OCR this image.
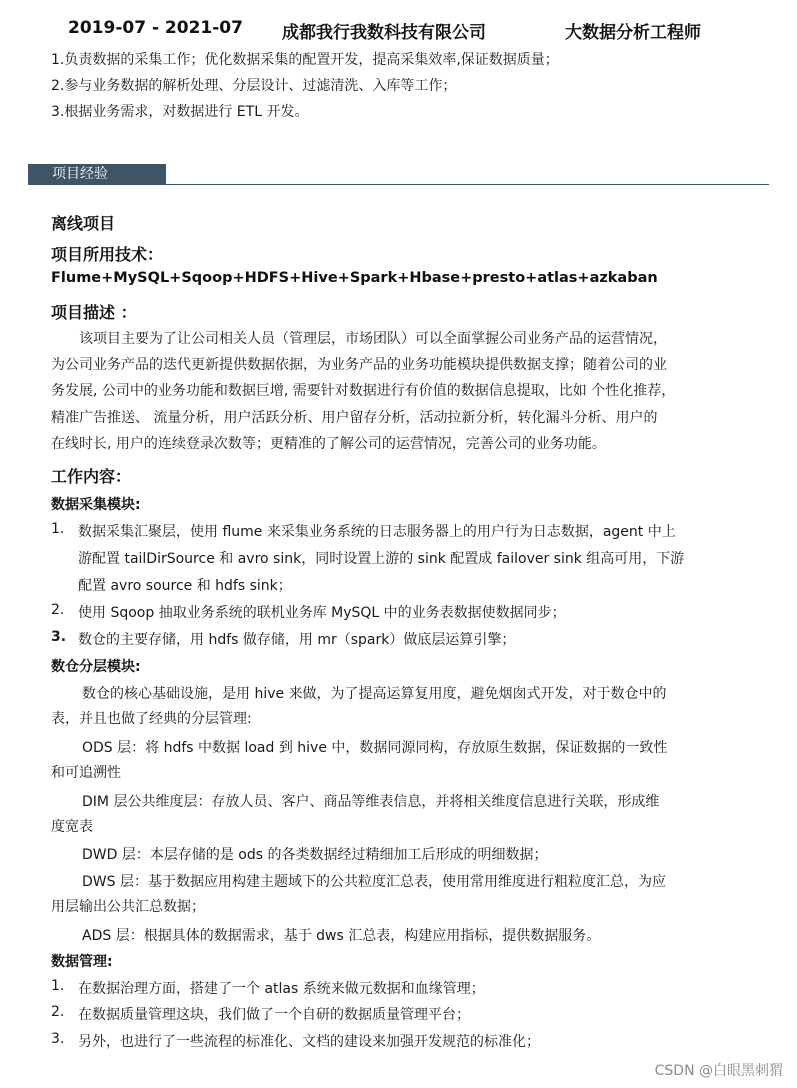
2019-07 - 2021-07 成都我行我数科技有限公司	大数据分析工程师
1.负责数据的采集工作；优化数据采集的配置开发，提高采集效率,保证数据质量；
2.参与业务数据的解析处理、分层设计、过滤清洗、入库等工作；
3.根据业务需求，对数据进行 ETL 开发。
项目经验
离线项目
项目所用技术：
Flume+MySQL+Sqoop+HDFS+Hive+Spark+Hbase+presto+atlas+azkaban
项目描述 ：
该项目主要为了让公司相关人员（管理层，市场团队）可以全面掌握公司业务产品的运营情况，
为公司业务产品的迭代更新提供数据依据，为业务产品的业务功能模块提供数据支撑；随着公司的业
务发展, 公司中的业务功能和数据巨增, 需要针对数据进行有价值的数据信息提取，比如 个性化推荐，
精准广告推送、 流量分析，用户活跃分析、用户留存分析，活动拉新分析，转化漏斗分析、用户的
在线时长, 用户的连续登录次数等；更精准的了解公司的运营情况，完善公司的业务功能。
工作内容：
数据采集模块:
1. 数据采集汇聚层，使用 flume 来采集业务系统的日志服务器上的用户行为日志数据，agent 中上
游配置 tailDirSource 和 avro sink，同时设置上游的 sink 配置成 failover sink 组高可用，下游
配置 avro source 和 hdfs sink；
2. 使用 Sqoop 抽取业务系统的联机业务库 MySQL 中的业务表数据使数据同步；
3. 数仓的主要存储，用 hdfs 做存储，用 mr（spark）做底层运算引擎；
数仓分层模块:
数仓的核心基础设施，是用 hive 来做，为了提高运算复用度，避免烟囱式开发，对于数仓中的
表，并且也做了经典的分层管理:
ODS 层：将 hdfs 中数据 load 到 hive 中，数据同源同构，存放原生数据，保证数据的一致性
和可追溯性
DIM 层公共维度层：存放人员、客户、商品等维表信息，并将相关维度信息进行关联，形成维
度宽表
DWD 层：本层存储的是 ods 的各类数据经过精细加工后形成的明细数据；
DWS 层：基于数据应用构建主题域下的公共粒度汇总表，使用常用维度进行粗粒度汇总，为应
用层输出公共汇总数据；
ADS 层：根据具体的数据需求，基于 dws 汇总表，构建应用指标，提供数据服务。
数据管理:
1. 在数据治理方面，搭建了一个 atlas 系统来做元数据和血缘管理；
2. 在数据质量管理这块，我们做了一个自研的数据质量管理平台；
3. 另外，也进行了一些流程的标准化、文档的建设来加强开发规范的标准化；
CSDN @白眼黑刺猬
